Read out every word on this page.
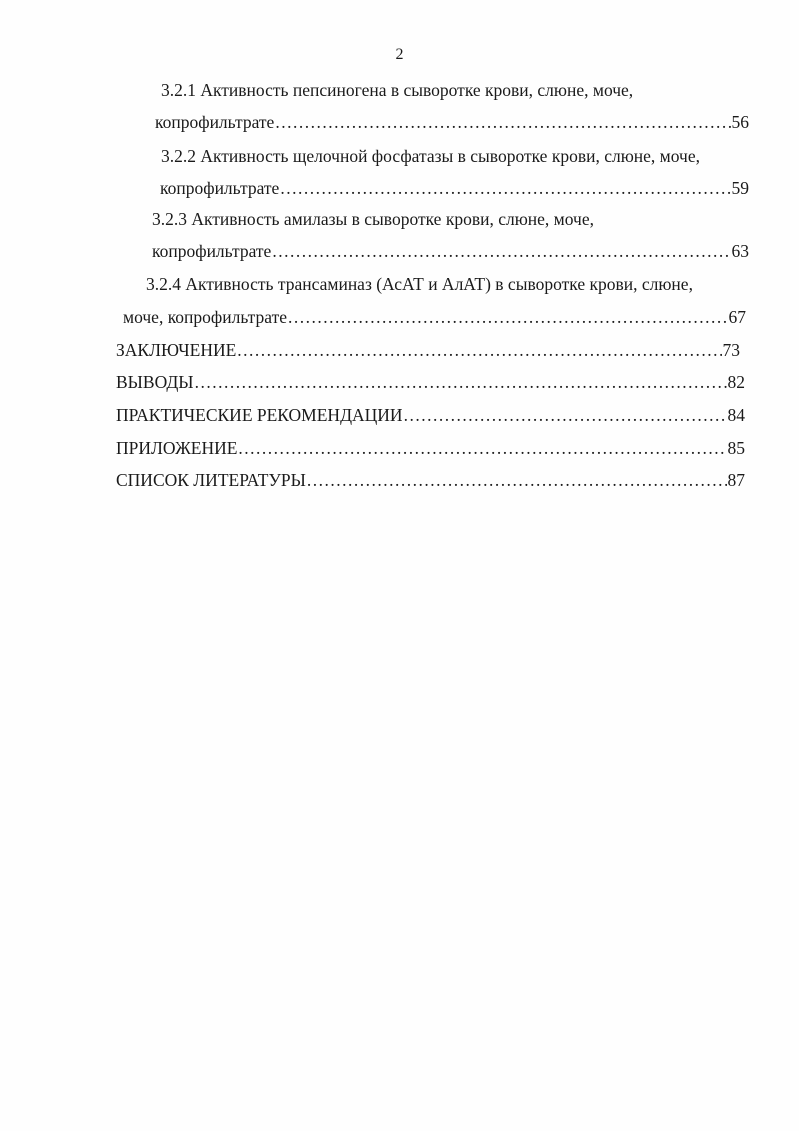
2
3.2.1 Активность пепсиногена в сыворотке крови, слюне, моче,
копрофильтрате .....	56
3.2.2 Активность щелочной фосфатазы в сыворотке крови, слюне, моче,
копрофильтрате .....	59
3.2.3 Активность амилазы в сыворотке крови, слюне, моче,
копрофильтрате .....	63
3.2.4 Активность трансаминаз (АсАТ и АлАТ) в сыворотке крови, слюне,
моче, копрофильтрате .....	67
ЗАКЛЮЧЕНИЕ .....	73
ВЫВОДЫ .....	82
ПРАКТИЧЕСКИЕ РЕКОМЕНДАЦИИ .....	84
ПРИЛОЖЕНИЕ .....	85
СПИСОК ЛИТЕРАТУРЫ .....	87
